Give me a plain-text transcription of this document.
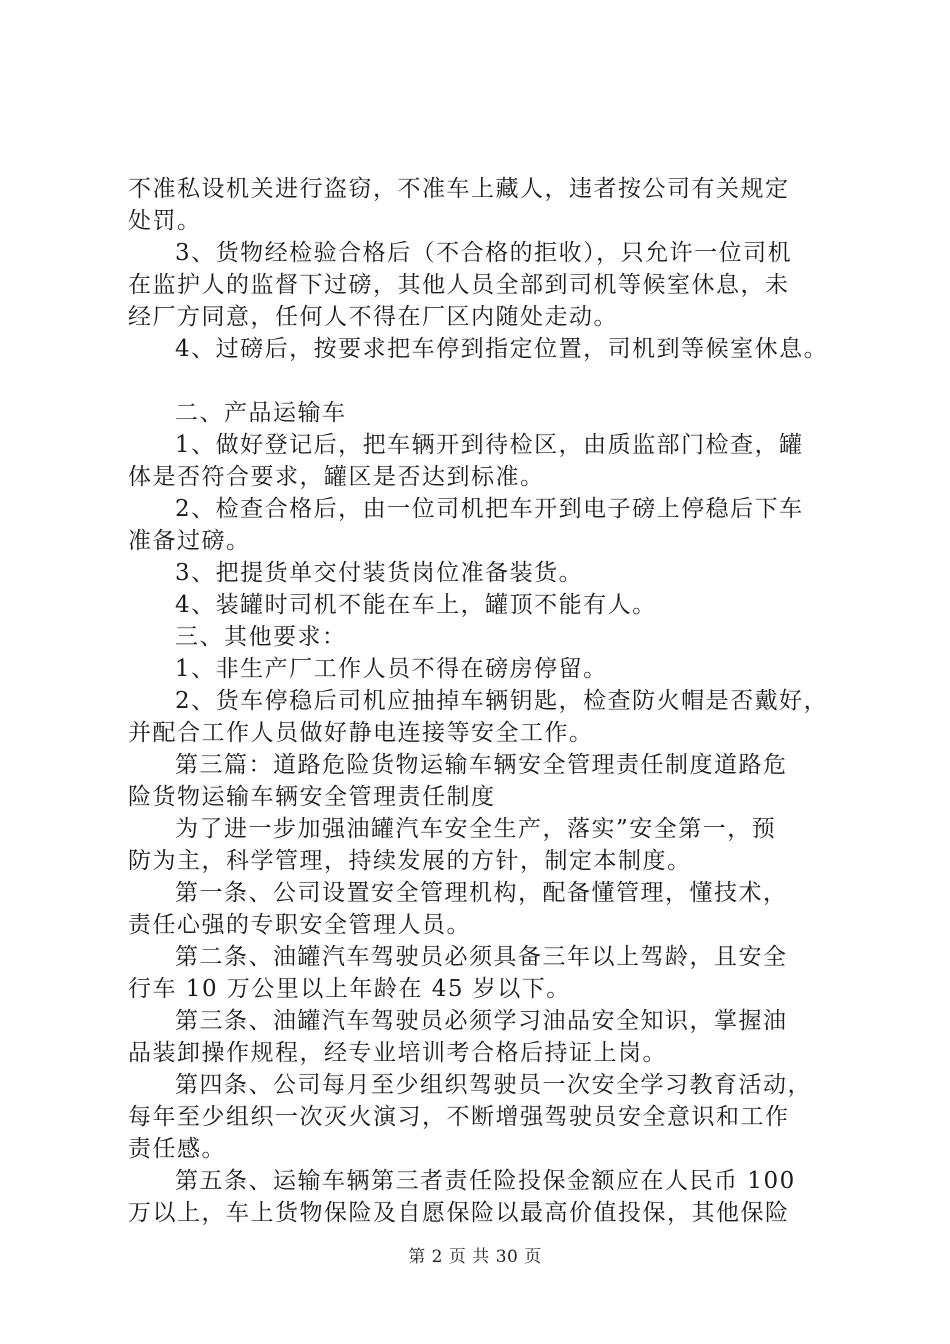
不准私设机关进行盗窃，不准车上藏人，违者按公司有关规定
处罚。
3、货物经检验合格后（不合格的拒收），只允许一位司机
在监护人的监督下过磅，其他人员全部到司机等候室休息，未
经厂方同意，任何人不得在厂区内随处走动。
4、过磅后，按要求把车停到指定位置，司机到等候室休息。
二、产品运输车
1、做好登记后，把车辆开到待检区，由质监部门检查，罐
体是否符合要求，罐区是否达到标准。
2、检查合格后，由一位司机把车开到电子磅上停稳后下车
准备过磅。
3、把提货单交付装货岗位准备装货。
4、装罐时司机不能在车上，罐顶不能有人。
三、其他要求：
1、非生产厂工作人员不得在磅房停留。
2、货车停稳后司机应抽掉车辆钥匙，检查防火帽是否戴好，
并配合工作人员做好静电连接等安全工作。
第三篇：道路危险货物运输车辆安全管理责任制度道路危
险货物运输车辆安全管理责任制度
为了进一步加强油罐汽车安全生产，落实”安全第一，预
防为主，科学管理，持续发展的方针，制定本制度。
第一条、公司设置安全管理机构，配备懂管理，懂技术，
责任心强的专职安全管理人员。
第二条、油罐汽车驾驶员必须具备三年以上驾龄，且安全
行车 10 万公里以上年龄在 45 岁以下。
第三条、油罐汽车驾驶员必须学习油品安全知识，掌握油
品装卸操作规程，经专业培训考合格后持证上岗。
第四条、公司每月至少组织驾驶员一次安全学习教育活动，
每年至少组织一次灭火演习，不断增强驾驶员安全意识和工作
责任感。
第五条、运输车辆第三者责任险投保金额应在人民币 100
万以上，车上货物保险及自愿保险以最高价值投保，其他保险
第 2 页 共 30 页
